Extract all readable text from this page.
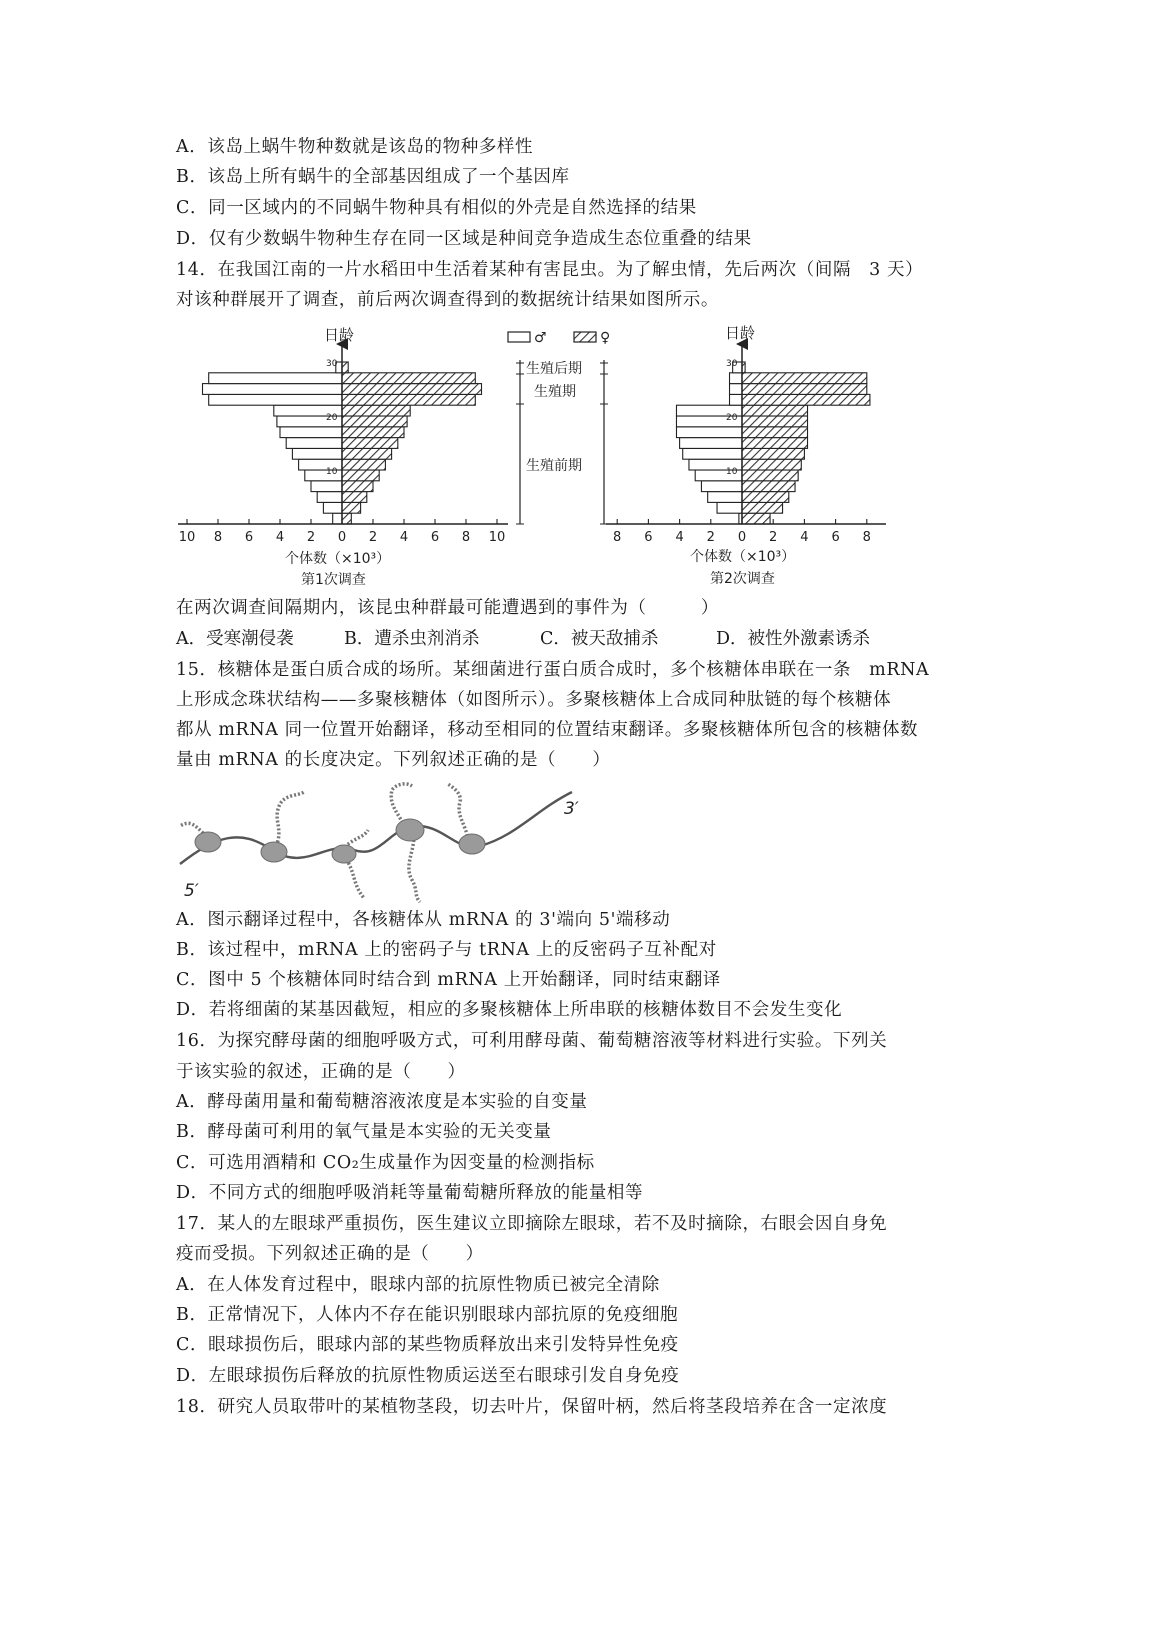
A．该岛上蜗牛物种数就是该岛的物种多样性
B．该岛上所有蜗牛的全部基因组成了一个基因库
C．同一区域内的不同蜗牛物种具有相似的外壳是自然选择的结果
D．仅有少数蜗牛物种生存在同一区域是种间竞争造成生态位重叠的结果
14．在我国江南的一片水稻田中生活着某种有害昆虫。为了解虫情，先后两次（间隔　3 天）
对该种群展开了调查，前后两次调查得到的数据统计结果如图所示。
10
20
30
10 8 6 4 2 0 2 4 6 8 10
10
20
30
8 6 4 2 0 2 4 6 8
日龄	日龄
♂	♀
生殖后期
生殖期
生殖前期
个体数（×10³）
第1次调查
个体数（×10³）
第2次调查
在两次调查间隔期内，该昆虫种群最可能遭遇到的事件为（　　　）
A．受寒潮侵袭	B．遭杀虫剂消杀	C．被天敌捕杀	D．被性外激素诱杀
15．核糖体是蛋白质合成的场所。某细菌进行蛋白质合成时，多个核糖体串联在一条　mRNA
上形成念珠状结构——多聚核糖体（如图所示）。多聚核糖体上合成同种肽链的每个核糖体
都从 mRNA 同一位置开始翻译，移动至相同的位置结束翻译。多聚核糖体所包含的核糖体数
量由 mRNA 的长度决定。下列叙述正确的是（　　）
3′
5′
A．图示翻译过程中，各核糖体从 mRNA 的 3'端向 5'端移动
B．该过程中，mRNA 上的密码子与 tRNA 上的反密码子互补配对
C．图中 5 个核糖体同时结合到 mRNA 上开始翻译，同时结束翻译
D．若将细菌的某基因截短，相应的多聚核糖体上所串联的核糖体数目不会发生变化
16．为探究酵母菌的细胞呼吸方式，可利用酵母菌、葡萄糖溶液等材料进行实验。下列关
于该实验的叙述，正确的是（　　）
A．酵母菌用量和葡萄糖溶液浓度是本实验的自变量
B．酵母菌可利用的氧气量是本实验的无关变量
C．可选用酒精和 CO₂生成量作为因变量的检测指标
D．不同方式的细胞呼吸消耗等量葡萄糖所释放的能量相等
17．某人的左眼球严重损伤，医生建议立即摘除左眼球，若不及时摘除，右眼会因自身免
疫而受损。下列叙述正确的是（　　）
A．在人体发育过程中，眼球内部的抗原性物质已被完全清除
B．正常情况下，人体内不存在能识别眼球内部抗原的免疫细胞
C．眼球损伤后，眼球内部的某些物质释放出来引发特异性免疫
D．左眼球损伤后释放的抗原性物质运送至右眼球引发自身免疫
18．研究人员取带叶的某植物茎段，切去叶片，保留叶柄，然后将茎段培养在含一定浓度
